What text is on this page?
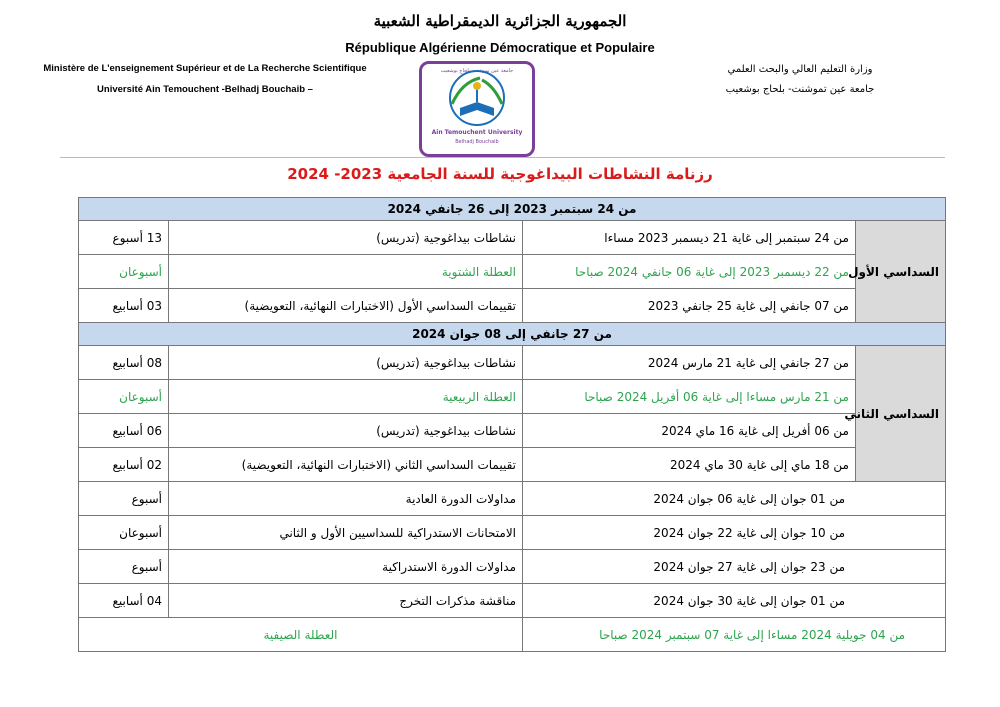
الجمهورية الجزائرية الديمقراطية الشعبية
République Algérienne Démocratique et Populaire
Ministère de L'enseignement Supérieur et de La Recherche Scientifique
Université Ain Temouchent -Belhadj Bouchaib –
وزارة التعليم العالي والبحث العلمي
جامعة عين تموشنت- بلحاج بوشعيب
جامعة عين تموشنت بلحاج بوشعيب
Ain Temouchent University
Belhadj Bouchaib
رزنامة النشاطات البيداغوجية للسنة الجامعية 2023- 2024
من 24 سبتمبر 2023 إلى 26 جانفي 2024			
13 أسبوع	نشاطات بيداغوجية (تدريس)	من 24 سبتمبر إلى غاية 21 ديسمبر 2023 مساءا	السداسي الأول
أسبوعان	العطلة الشتوية	من 22 ديسمبر 2023 إلى غاية 06 جانفي 2024 صباحا	
03 أسابيع	تقييمات السداسي الأول (الاختبارات النهائية، التعويضية)	من 07 جانفي إلى غاية 25 جانفي 2023	
من 27 جانفي إلى 08 جوان 2024			
08 أسابيع	نشاطات بيداغوجية (تدريس)	من 27 جانفي إلى غاية 21 مارس 2024	السداسي الثاني
أسبوعان	العطلة الربيعية	من 21 مارس مساءا إلى غاية 06 أفريل 2024 صباحا	
06 أسابيع	نشاطات بيداغوجية (تدريس)	من 06 أفريل إلى غاية 16 ماي 2024	
02 أسابيع	تقييمات السداسي الثاني (الاختبارات النهائية، التعويضية)	من 18 ماي إلى غاية 30 ماي 2024	
أسبوع	مداولات الدورة العادية	من 01 جوان إلى غاية 06 جوان 2024	
أسبوعان	الامتحانات الاستدراكية للسداسيين الأول و الثاني	من 10 جوان إلى غاية 22 جوان 2024	
أسبوع	مداولات الدورة الاستدراكية	من 23 جوان إلى غاية 27 جوان 2024	
04 أسابيع	مناقشة مذكرات التخرج	من 01 جوان إلى غاية 30 جوان 2024	
العطلة الصيفية		من 04 جويلية 2024 مساءا إلى غاية 07 سبتمبر 2024 صباحا	
